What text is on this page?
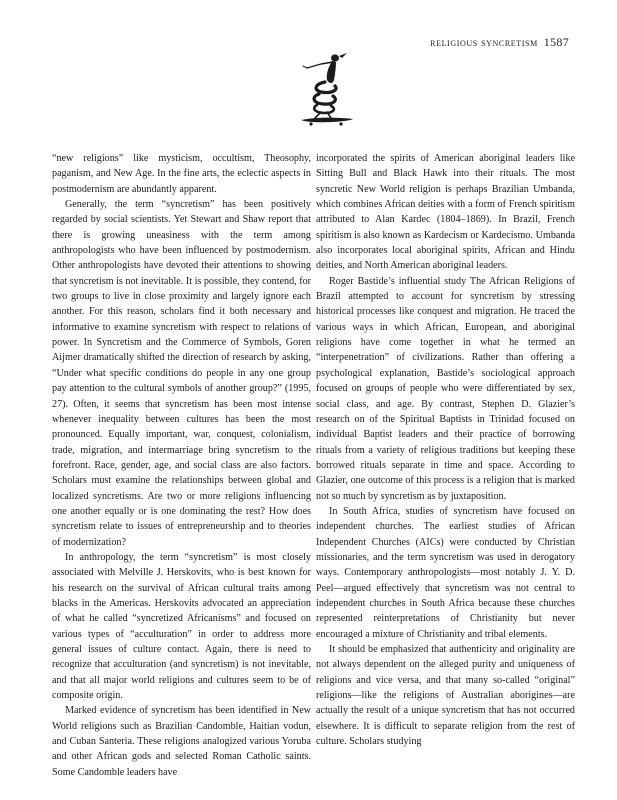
religious syncretism 1587

“new religions” like mysticism, occultism, Theosophy, paganism, and New Age. In the fine arts, the eclectic aspects in postmodernism are abundantly apparent.

Generally, the term “syncretism” has been positively regarded by social scientists. Yet Stewart and Shaw report that there is growing uneasiness with the term among anthropologists who have been influenced by postmodernism. Other anthropologists have devoted their attentions to showing that syncretism is not inevitable. It is possible, they contend, for two groups to live in close proximity and largely ignore each another. For this reason, scholars find it both necessary and informative to examine syncretism with respect to relations of power. In Syncretism and the Commerce of Symbols, Goren Aijmer dramatically shifted the direction of research by asking, “Under what specific conditions do people in any one group pay attention to the cultural symbols of another group?” (1995, 27). Often, it seems that syncretism has been most intense whenever inequality between cultures has been the most pronounced. Equally important, war, conquest, colonialism, trade, migration, and intermarriage bring syncretism to the forefront. Race, gender, age, and social class are also factors. Scholars must examine the relationships between global and localized syncretisms. Are two or more religions influencing one another equally or is one dominating the rest? How does syncretism relate to issues of entrepreneurship and to theories of modernization?

In anthropology, the term “syncretism” is most closely associated with Melville J. Herskovits, who is best known for his research on the survival of African cultural traits among blacks in the Americas. Herskovits advocated an appreciation of what he called “syncretized Africanisms” and focused on various types of “acculturation” in order to address more general issues of culture contact. Again, there is need to recognize that acculturation (and syncretism) is not inevitable, and that all major world religions and cultures seem to be of composite origin.

Marked evidence of syncretism has been identified in New World religions such as Brazilian Candomble, Haitian vodun, and Cuban Santeria. These religions analogized various Yoruba and other African gods and selected Roman Catholic saints. Some Candomble leaders have

incorporated the spirits of American aboriginal leaders like Sitting Bull and Black Hawk into their rituals. The most syncretic New World religion is perhaps Brazilian Umbanda, which combines African deities with a form of French spiritism attributed to Alan Kardec (1804–1869). In Brazil, French spiritism is also known as Kardecism or Kardecismo. Umbanda also incorporates local aboriginal spirits, African and Hindu deities, and North American aboriginal leaders.

Roger Bastide’s influential study The African Religions of Brazil attempted to account for syncretism by stressing historical processes like conquest and migration. He traced the various ways in which African, European, and aboriginal religions have come together in what he termed an “interpenetration” of civilizations. Rather than offering a psychological explanation, Bastide’s sociological approach focused on groups of people who were differentiated by sex, social class, and age. By contrast, Stephen D. Glazier’s research on of the Spiritual Baptists in Trinidad focused on individual Baptist leaders and their practice of borrowing rituals from a variety of religious traditions but keeping these borrowed rituals separate in time and space. According to Glazier, one outcome of this process is a religion that is marked not so much by syncretism as by juxtaposition.

In South Africa, studies of syncretism have focused on independent churches. The earliest studies of African Independent Churches (AICs) were conducted by Christian missionaries, and the term syncretism was used in derogatory ways. Contemporary anthropologists—most notably J. Y. D. Peel—argued effectively that syncretism was not central to independent churches in South Africa because these churches represented reinterpretations of Christianity but never encouraged a mixture of Christianity and tribal elements.

It should be emphasized that authenticity and originality are not always dependent on the alleged purity and uniqueness of religions and vice versa, and that many so-called “original” religions—like the religions of Australian aborigines—are actually the result of a unique syncretism that has not occurred elsewhere. It is difficult to separate religion from the rest of culture. Scholars studying
